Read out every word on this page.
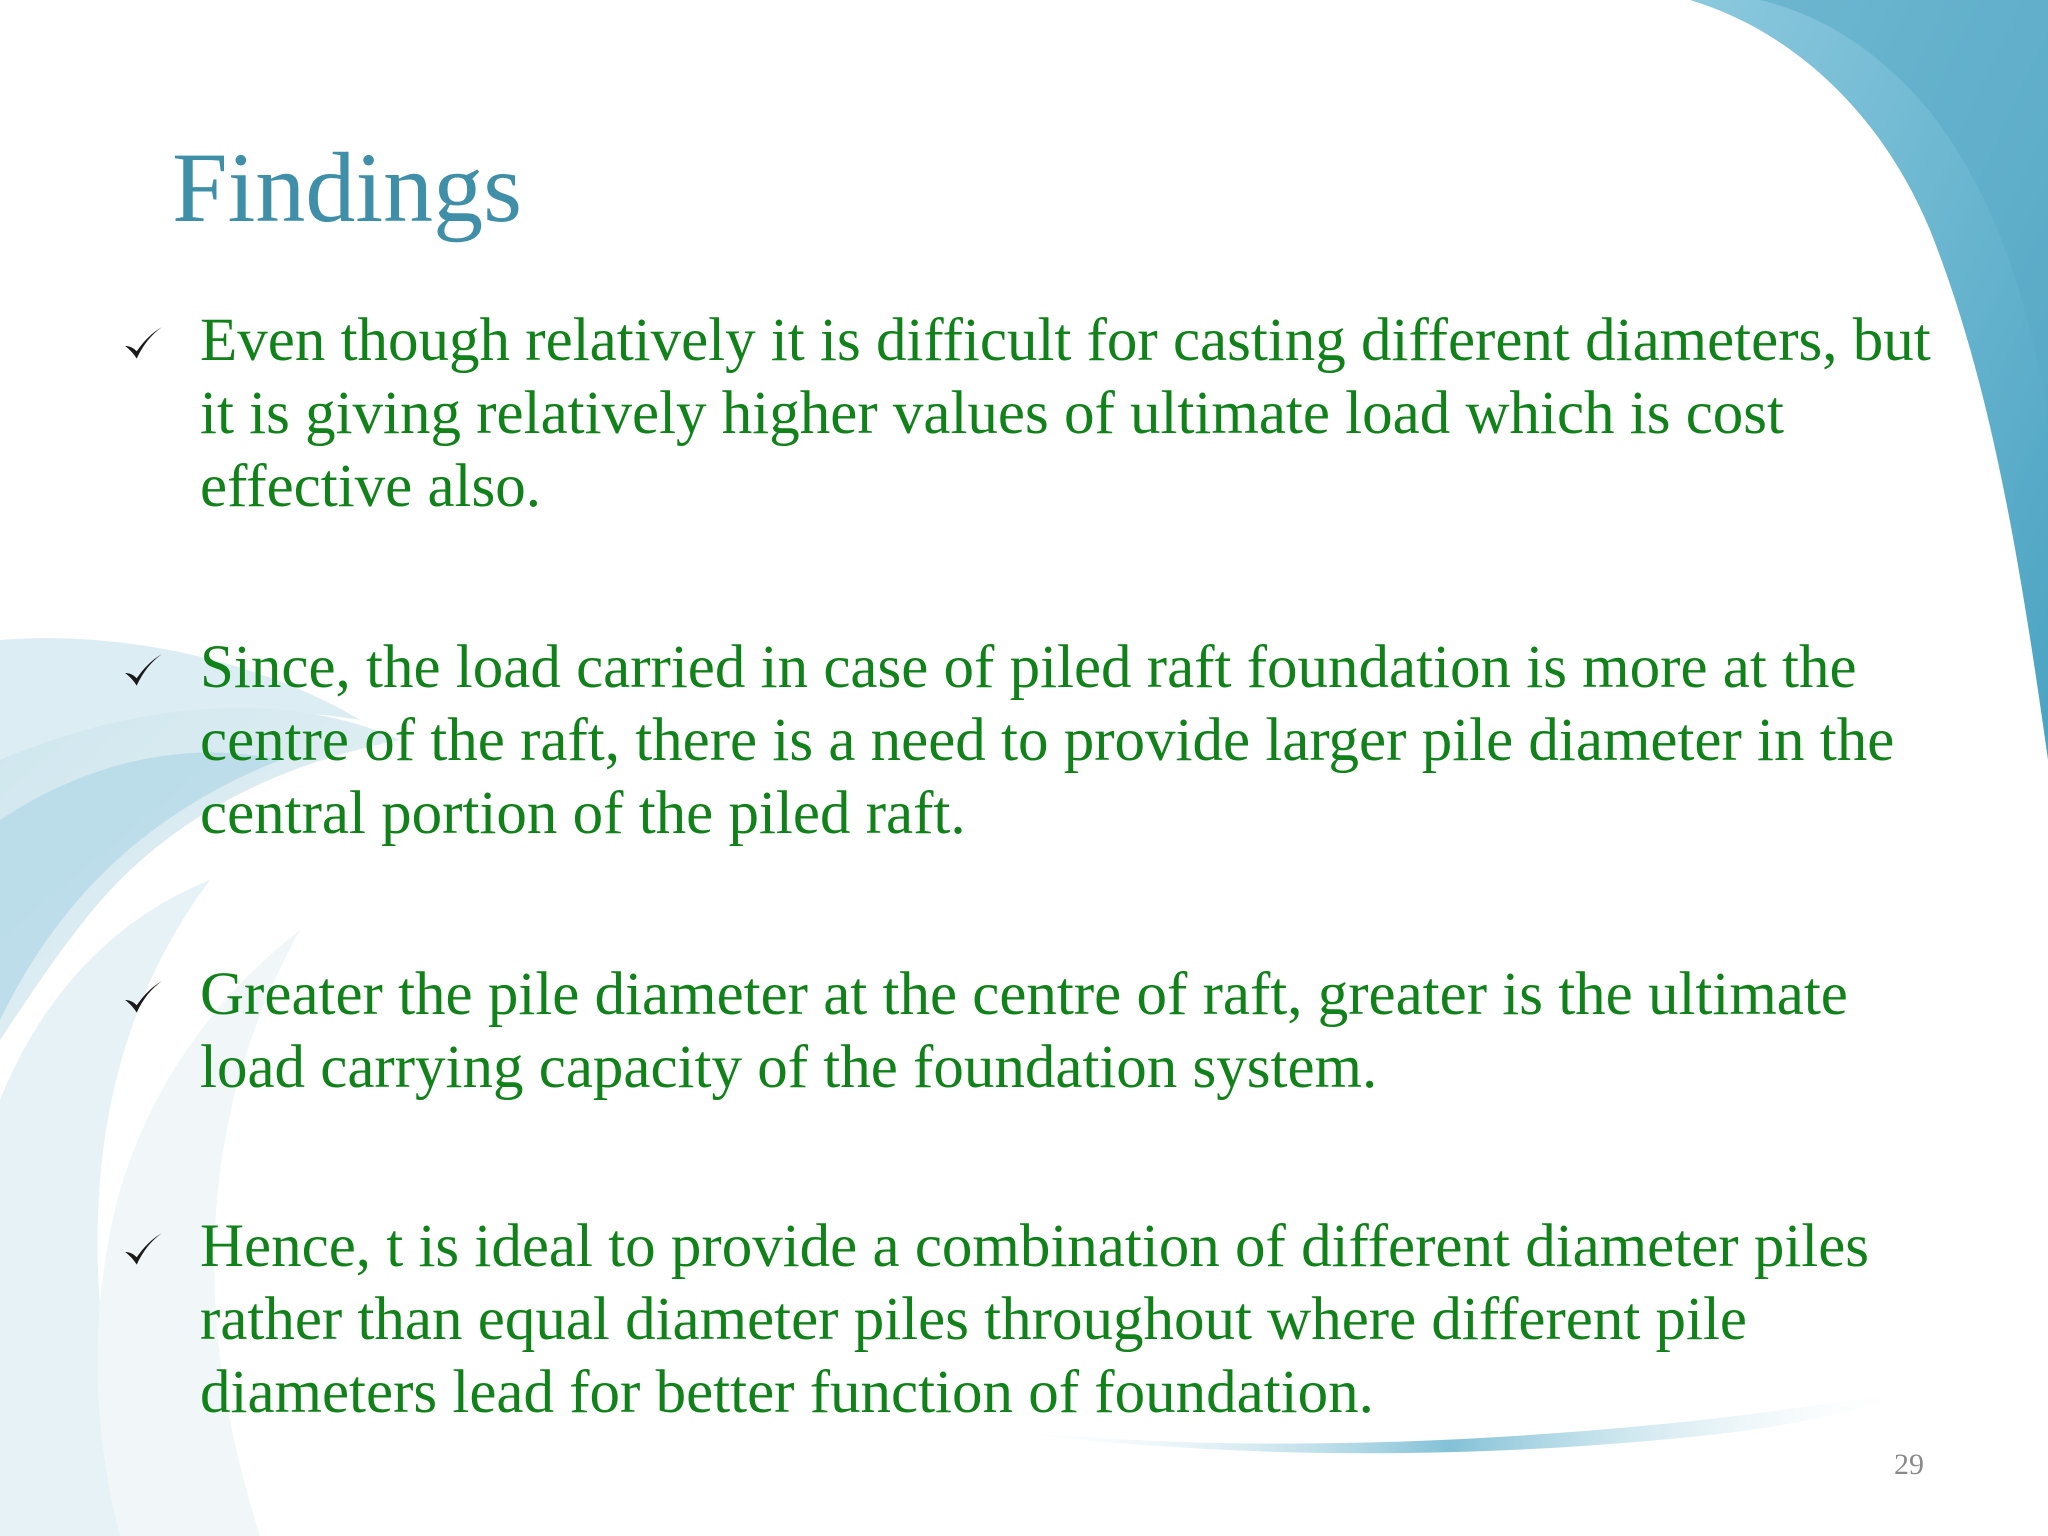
Findings
Even though relatively it is difficult for casting different diameters, but it is giving relatively higher values of ultimate load which is cost effective also.
Since, the load carried in case of piled raft foundation is more at the centre of the raft, there is a need to provide larger pile diameter in the central portion of the piled raft.
Greater the pile diameter at the centre of raft, greater is the ultimate load carrying capacity of the foundation system.
Hence, t is ideal to provide a combination of different diameter piles rather than equal diameter piles throughout where different pile diameters lead for better function of foundation.
29
